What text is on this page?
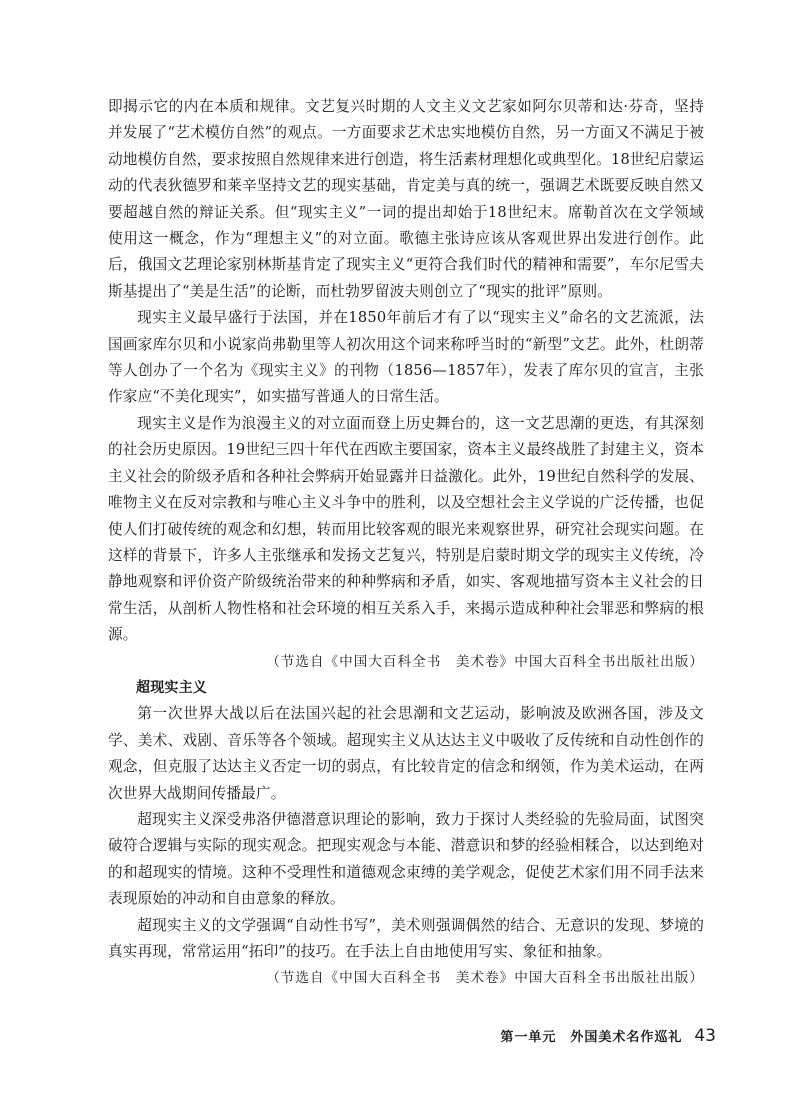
即揭示它的内在本质和规律。文艺复兴时期的人文主义文艺家如阿尔贝蒂和达·芬奇，坚持并发展了“艺术模仿自然”的观点。一方面要求艺术忠实地模仿自然，另一方面又不满足于被动地模仿自然，要求按照自然规律来进行创造，将生活素材理想化或典型化。18世纪启蒙运动的代表狄德罗和莱辛坚持文艺的现实基础，肯定美与真的统一，强调艺术既要反映自然又要超越自然的辩证关系。但“现实主义”一词的提出却始于18世纪末。席勒首次在文学领域使用这一概念，作为“理想主义”的对立面。歌德主张诗应该从客观世界出发进行创作。此后，俄国文艺理论家别林斯基肯定了现实主义“更符合我们时代的精神和需要”，车尔尼雪夫斯基提出了“美是生活”的论断，而杜勃罗留波夫则创立了“现实的批评”原则。

现实主义最早盛行于法国，并在1850年前后才有了以“现实主义”命名的文艺流派，法国画家库尔贝和小说家尚弗勒里等人初次用这个词来称呼当时的“新型”文艺。此外，杜朗蒂等人创办了一个名为《现实主义》的刊物（1856—1857年），发表了库尔贝的宣言，主张作家应“不美化现实”，如实描写普通人的日常生活。

现实主义是作为浪漫主义的对立面而登上历史舞台的，这一文艺思潮的更迭，有其深刻的社会历史原因。19世纪三四十年代在西欧主要国家，资本主义最终战胜了封建主义，资本主义社会的阶级矛盾和各种社会弊病开始显露并日益激化。此外，19世纪自然科学的发展、唯物主义在反对宗教和与唯心主义斗争中的胜利，以及空想社会主义学说的广泛传播，也促使人们打破传统的观念和幻想，转而用比较客观的眼光来观察世界，研究社会现实问题。在这样的背景下，许多人主张继承和发扬文艺复兴，特别是启蒙时期文学的现实主义传统，冷静地观察和评价资产阶级统治带来的种种弊病和矛盾，如实、客观地描写资本主义社会的日常生活，从剖析人物性格和社会环境的相互关系入手，来揭示造成种种社会罪恶和弊病的根源。

（节选自《中国大百科全书　美术卷》中国大百科全书出版社出版）

超现实主义

第一次世界大战以后在法国兴起的社会思潮和文艺运动，影响波及欧洲各国，涉及文学、美术、戏剧、音乐等各个领域。超现实主义从达达主义中吸收了反传统和自动性创作的观念，但克服了达达主义否定一切的弱点，有比较肯定的信念和纲领，作为美术运动，在两次世界大战期间传播最广。

超现实主义深受弗洛伊德潜意识理论的影响，致力于探讨人类经验的先验局面，试图突破符合逻辑与实际的现实观念。把现实观念与本能、潜意识和梦的经验相糅合，以达到绝对的和超现实的情境。这种不受理性和道德观念束缚的美学观念，促使艺术家们用不同手法来表现原始的冲动和自由意象的释放。

超现实主义的文学强调“自动性书写”，美术则强调偶然的结合、无意识的发现、梦境的真实再现，常常运用“拓印”的技巧。在手法上自由地使用写实、象征和抽象。

（节选自《中国大百科全书　美术卷》中国大百科全书出版社出版）

第一单元　外国美术名作巡礼 43
